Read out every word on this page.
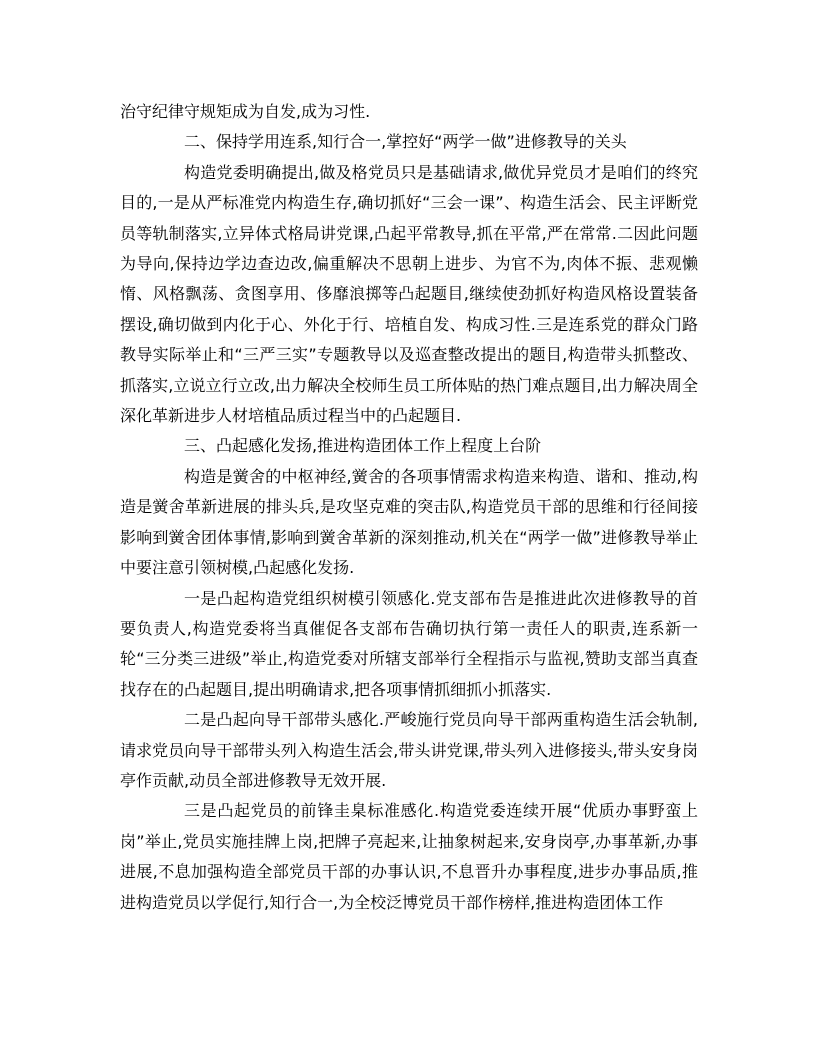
治守纪律守规矩成为自发,成为习性.

二、保持学用连系,知行合一,掌控好“两学一做”进修教导的关头

构造党委明确提出,做及格党员只是基础请求,做优异党员才是咱们的终究目的,一是从严标准党内构造生存,确切抓好“三会一课”、构造生活会、民主评断党员等轨制落实,立异体式格局讲党课,凸起平常教导,抓在平常,严在常常.二因此问题为导向,保持边学边查边改,偏重解决不思朝上进步、为官不为,肉体不振、悲观懒惰、风格飘荡、贪图享用、侈靡浪掷等凸起题目,继续使劲抓好构造风格设置装备摆设,确切做到内化于心、外化于行、培植自发、构成习性.三是连系党的群众门路教导实际举止和“三严三实”专题教导以及巡查整改提出的题目,构造带头抓整改、抓落实,立说立行立改,出力解决全校师生员工所体贴的热门难点题目,出力解决周全深化革新进步人材培植品质过程当中的凸起题目.

三、凸起感化发扬,推进构造团体工作上程度上台阶

构造是黉舍的中枢神经,黉舍的各项事情需求构造来构造、谐和、推动,构造是黉舍革新进展的排头兵,是攻坚克难的突击队,构造党员干部的思维和行径间接影响到黉舍团体事情,影响到黉舍革新的深刻推动,机关在“两学一做”进修教导举止中要注意引领树模,凸起感化发扬.

一是凸起构造党组织树模引领感化.党支部布告是推进此次进修教导的首要负责人,构造党委将当真催促各支部布告确切执行第一责任人的职责,连系新一轮“三分类三进级”举止,构造党委对所辖支部举行全程指示与监视,赞助支部当真查找存在的凸起题目,提出明确请求,把各项事情抓细抓小抓落实.

二是凸起向导干部带头感化.严峻施行党员向导干部两重构造生活会轨制,请求党员向导干部带头列入构造生活会,带头讲党课,带头列入进修接头,带头安身岗亭作贡献,动员全部进修教导无效开展.

三是凸起党员的前锋圭臬标准感化.构造党委连续开展“优质办事野蛮上岗”举止,党员实施挂牌上岗,把牌子亮起来,让抽象树起来,安身岗亭,办事革新,办事进展,不息加强构造全部党员干部的办事认识,不息晋升办事程度,进步办事品质,推进构造党员以学促行,知行合一,为全校泛博党员干部作榜样,推进构造团体工作
